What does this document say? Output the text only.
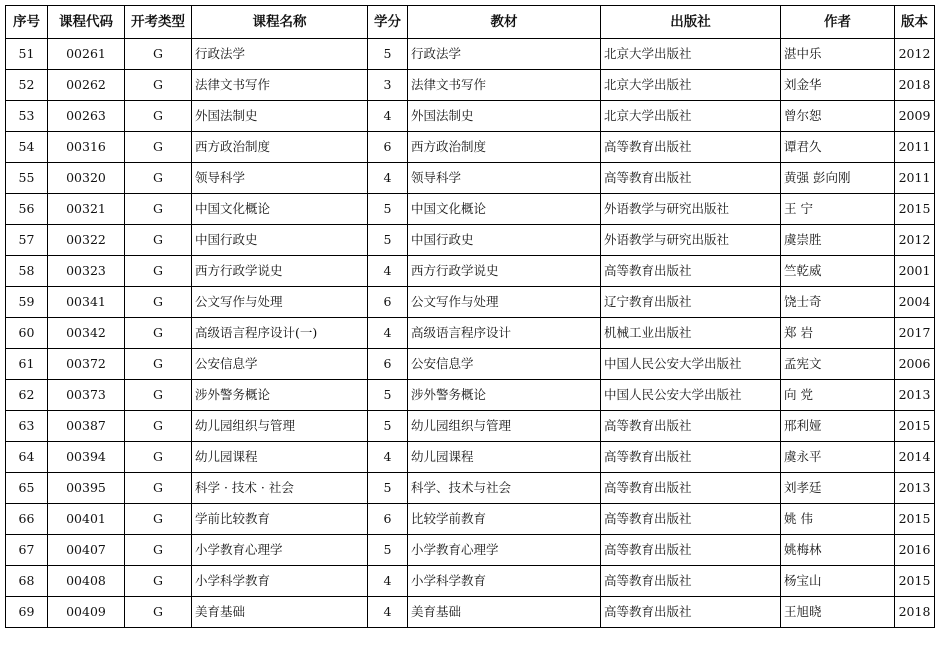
序号	课程代码	开考类型	课程名称	学分	教材	出版社	作者	版本
51	00261	G	行政法学	5	行政法学	北京大学出版社	湛中乐	2012
52	00262	G	法律文书写作	3	法律文书写作	北京大学出版社	刘金华	2018
53	00263	G	外国法制史	4	外国法制史	北京大学出版社	曾尔恕	2009
54	00316	G	西方政治制度	6	西方政治制度	高等教育出版社	谭君久	2011
55	00320	G	领导科学	4	领导科学	高等教育出版社	黄强 彭向刚	2011
56	00321	G	中国文化概论	5	中国文化概论	外语教学与研究出版社	王 宁	2015
57	00322	G	中国行政史	5	中国行政史	外语教学与研究出版社	虞崇胜	2012
58	00323	G	西方行政学说史	4	西方行政学说史	高等教育出版社	竺乾威	2001
59	00341	G	公文写作与处理	6	公文写作与处理	辽宁教育出版社	饶士奇	2004
60	00342	G	高级语言程序设计(一)	4	高级语言程序设计	机械工业出版社	郑 岩	2017
61	00372	G	公安信息学	6	公安信息学	中国人民公安大学出版社	孟宪文	2006
62	00373	G	涉外警务概论	5	涉外警务概论	中国人民公安大学出版社	向 党	2013
63	00387	G	幼儿园组织与管理	5	幼儿园组织与管理	高等教育出版社	邢利娅	2015
64	00394	G	幼儿园课程	4	幼儿园课程	高等教育出版社	虞永平	2014
65	00395	G	科学 · 技术 · 社会	5	科学、技术与社会	高等教育出版社	刘孝廷	2013
66	00401	G	学前比较教育	6	比较学前教育	高等教育出版社	姚 伟	2015
67	00407	G	小学教育心理学	5	小学教育心理学	高等教育出版社	姚梅林	2016
68	00408	G	小学科学教育	4	小学科学教育	高等教育出版社	杨宝山	2015
69	00409	G	美育基础	4	美育基础	高等教育出版社	王旭晓	2018
